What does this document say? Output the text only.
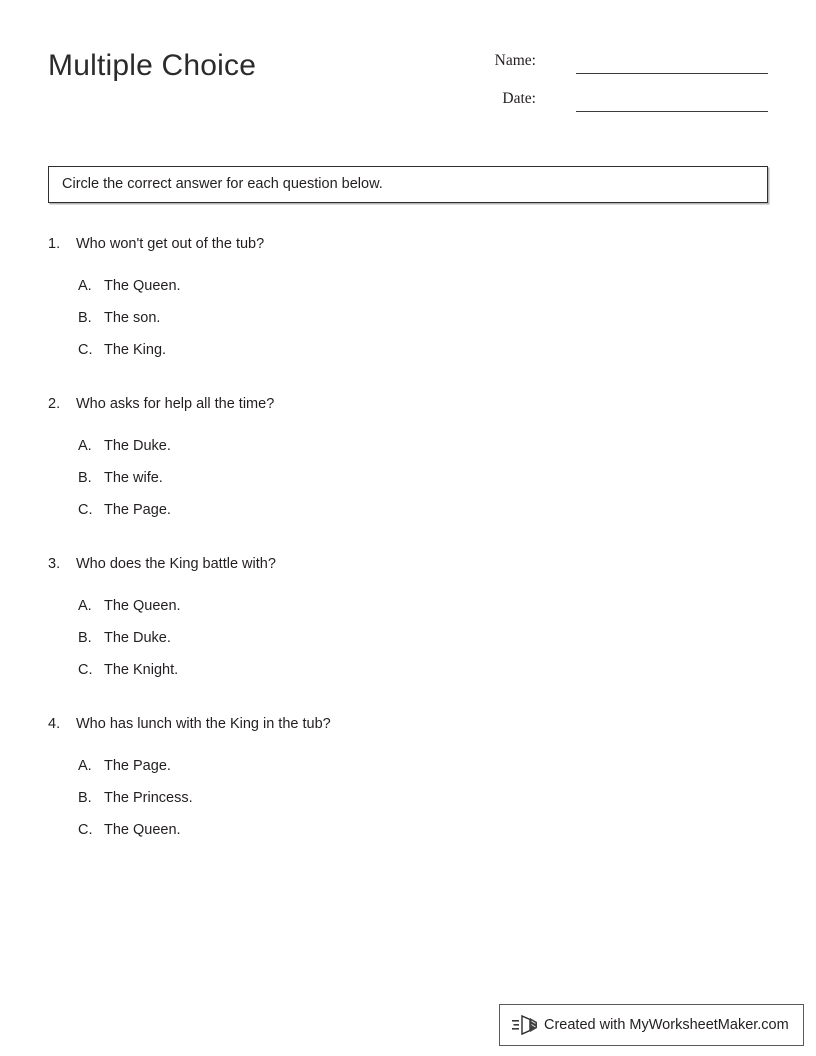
Multiple Choice	Name:
Date:
Circle the correct answer for each question below.
1. Who won't get out of the tub?
A. The Queen.
B. The son.
C. The King.
2. Who asks for help all the time?
A. The Duke.
B. The wife.
C. The Page.
3. Who does the King battle with?
A. The Queen.
B. The Duke.
C. The Knight.
4. Who has lunch with the King in the tub?
A. The Page.
B. The Princess.
C. The Queen.
Created with MyWorksheetMaker.com
